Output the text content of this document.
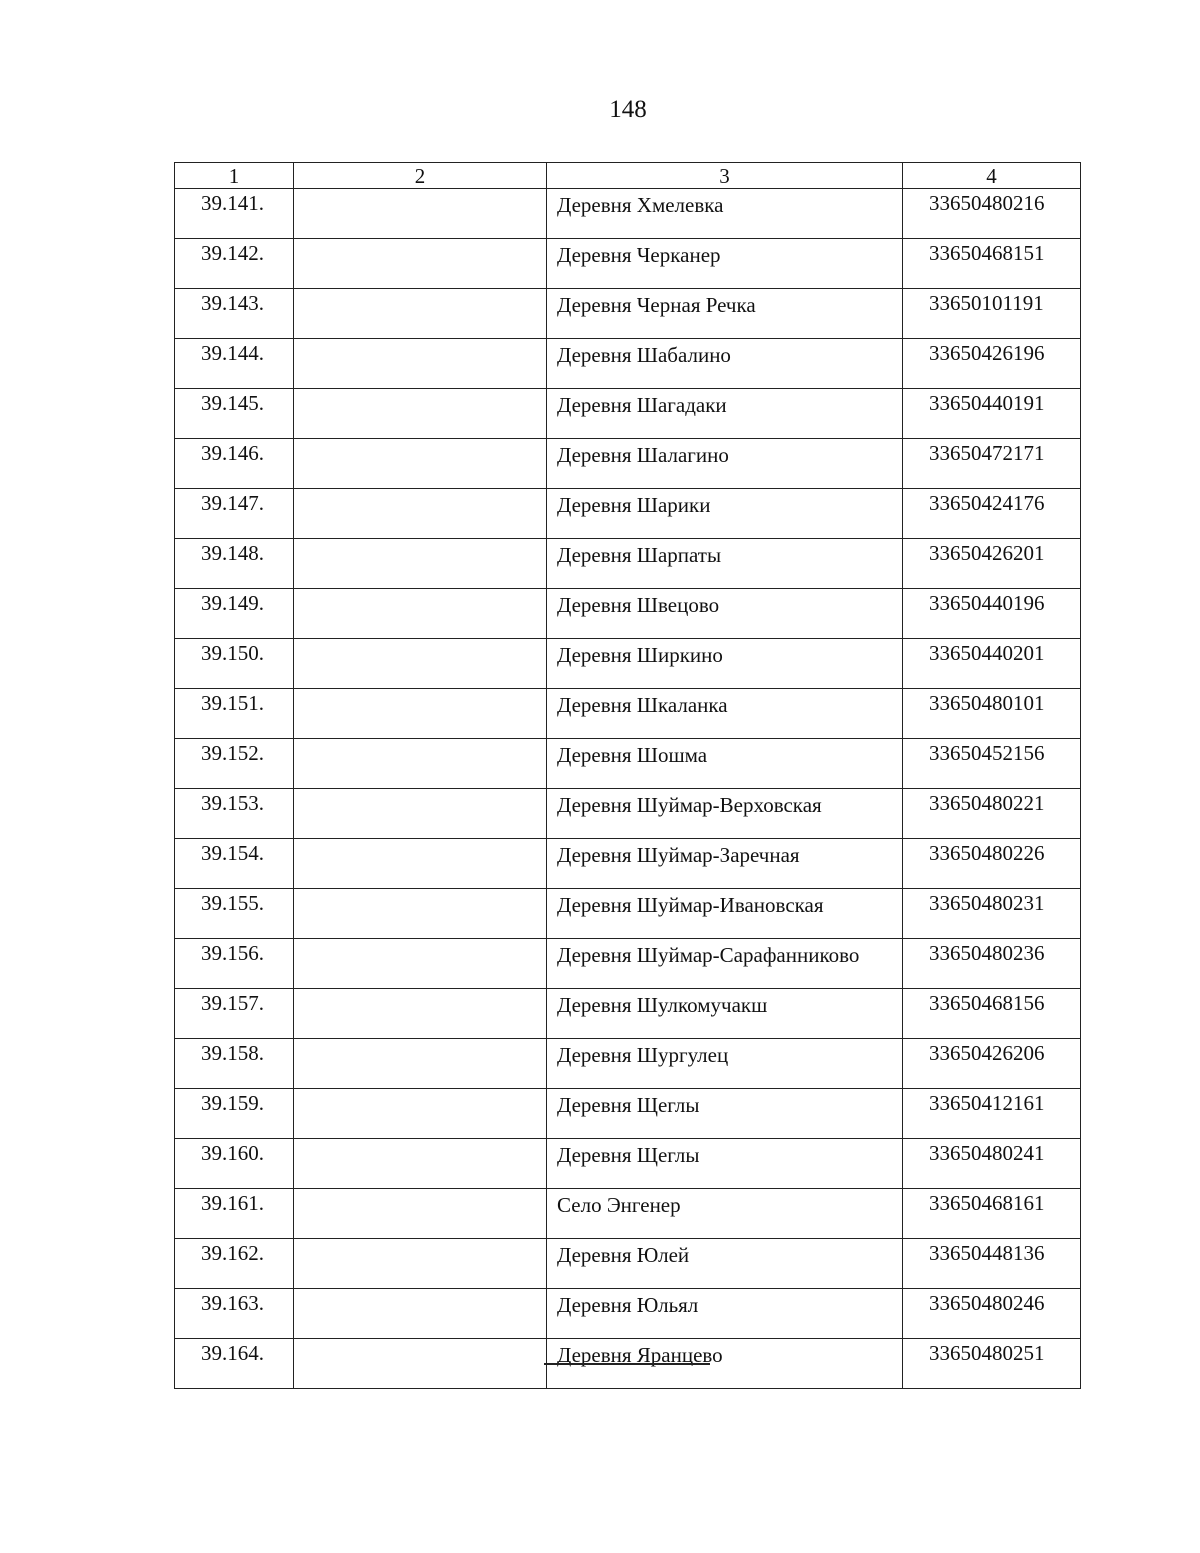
148
1	2	3	4
39.141.		Деревня Хмелевка	33650480216
39.142.		Деревня Черканер	33650468151
39.143.		Деревня Черная Речка	33650101191
39.144.		Деревня Шабалино	33650426196
39.145.		Деревня Шагадаки	33650440191
39.146.		Деревня Шалагино	33650472171
39.147.		Деревня Шарики	33650424176
39.148.		Деревня Шарпаты	33650426201
39.149.		Деревня Швецово	33650440196
39.150.		Деревня Ширкино	33650440201
39.151.		Деревня Шкаланка	33650480101
39.152.		Деревня Шошма	33650452156
39.153.		Деревня Шуймар-Верховская	33650480221
39.154.		Деревня Шуймар-Заречная	33650480226
39.155.		Деревня Шуймар-Ивановская	33650480231
39.156.		Деревня Шуймар-Сарафанниково	33650480236
39.157.		Деревня Шулкомучакш	33650468156
39.158.		Деревня Шургулец	33650426206
39.159.		Деревня Щеглы	33650412161
39.160.		Деревня Щеглы	33650480241
39.161.		Село Энгенер	33650468161
39.162.		Деревня Юлей	33650448136
39.163.		Деревня Юльял	33650480246
39.164.		Деревня Яранцево	33650480251
